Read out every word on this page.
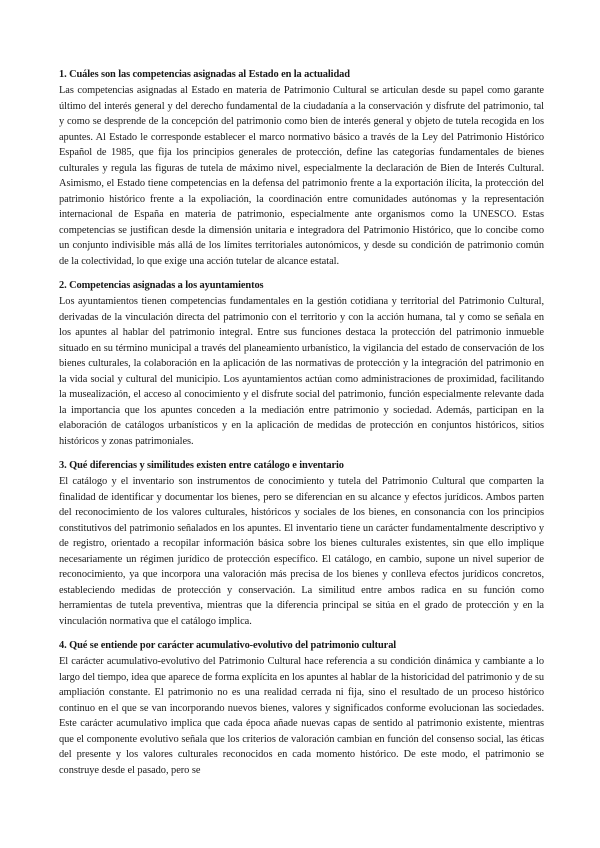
1. Cuáles son las competencias asignadas al Estado en la actualidad

Las competencias asignadas al Estado en materia de Patrimonio Cultural se articulan desde su papel como garante último del interés general y del derecho fundamental de la ciudadanía a la conservación y disfrute del patrimonio, tal y como se desprende de la concepción del patrimonio como bien de interés general y objeto de tutela recogida en los apuntes. Al Estado le corresponde establecer el marco normativo básico a través de la Ley del Patrimonio Histórico Español de 1985, que fija los principios generales de protección, define las categorías fundamentales de bienes culturales y regula las figuras de tutela de máximo nivel, especialmente la declaración de Bien de Interés Cultural. Asimismo, el Estado tiene competencias en la defensa del patrimonio frente a la exportación ilícita, la protección del patrimonio histórico frente a la expoliación, la coordinación entre comunidades autónomas y la representación internacional de España en materia de patrimonio, especialmente ante organismos como la UNESCO. Estas competencias se justifican desde la dimensión unitaria e integradora del Patrimonio Histórico, que lo concibe como un conjunto indivisible más allá de los límites territoriales autonómicos, y desde su condición de patrimonio común de la colectividad, lo que exige una acción tutelar de alcance estatal.

2. Competencias asignadas a los ayuntamientos

Los ayuntamientos tienen competencias fundamentales en la gestión cotidiana y territorial del Patrimonio Cultural, derivadas de la vinculación directa del patrimonio con el territorio y con la acción humana, tal y como se señala en los apuntes al hablar del patrimonio integral. Entre sus funciones destaca la protección del patrimonio inmueble situado en su término municipal a través del planeamiento urbanístico, la vigilancia del estado de conservación de los bienes culturales, la colaboración en la aplicación de las normativas de protección y la integración del patrimonio en la vida social y cultural del municipio. Los ayuntamientos actúan como administraciones de proximidad, facilitando la musealización, el acceso al conocimiento y el disfrute social del patrimonio, función especialmente relevante dada la importancia que los apuntes conceden a la mediación entre patrimonio y sociedad. Además, participan en la elaboración de catálogos urbanísticos y en la aplicación de medidas de protección en conjuntos históricos, sitios históricos y zonas patrimoniales.

3. Qué diferencias y similitudes existen entre catálogo e inventario

El catálogo y el inventario son instrumentos de conocimiento y tutela del Patrimonio Cultural que comparten la finalidad de identificar y documentar los bienes, pero se diferencian en su alcance y efectos jurídicos. Ambos parten del reconocimiento de los valores culturales, históricos y sociales de los bienes, en consonancia con los principios constitutivos del patrimonio señalados en los apuntes. El inventario tiene un carácter fundamentalmente descriptivo y de registro, orientado a recopilar información básica sobre los bienes culturales existentes, sin que ello implique necesariamente un régimen jurídico de protección específico. El catálogo, en cambio, supone un nivel superior de reconocimiento, ya que incorpora una valoración más precisa de los bienes y conlleva efectos jurídicos concretos, estableciendo medidas de protección y conservación. La similitud entre ambos radica en su función como herramientas de tutela preventiva, mientras que la diferencia principal se sitúa en el grado de protección y en la vinculación normativa que el catálogo implica.

4. Qué se entiende por carácter acumulativo-evolutivo del patrimonio cultural

El carácter acumulativo-evolutivo del Patrimonio Cultural hace referencia a su condición dinámica y cambiante a lo largo del tiempo, idea que aparece de forma explícita en los apuntes al hablar de la historicidad del patrimonio y de su ampliación constante. El patrimonio no es una realidad cerrada ni fija, sino el resultado de un proceso histórico continuo en el que se van incorporando nuevos bienes, valores y significados conforme evolucionan las sociedades. Este carácter acumulativo implica que cada época añade nuevas capas de sentido al patrimonio existente, mientras que el componente evolutivo señala que los criterios de valoración cambian en función del consenso social, las éticas del presente y los valores culturales reconocidos en cada momento histórico. De este modo, el patrimonio se construye desde el pasado, pero se
